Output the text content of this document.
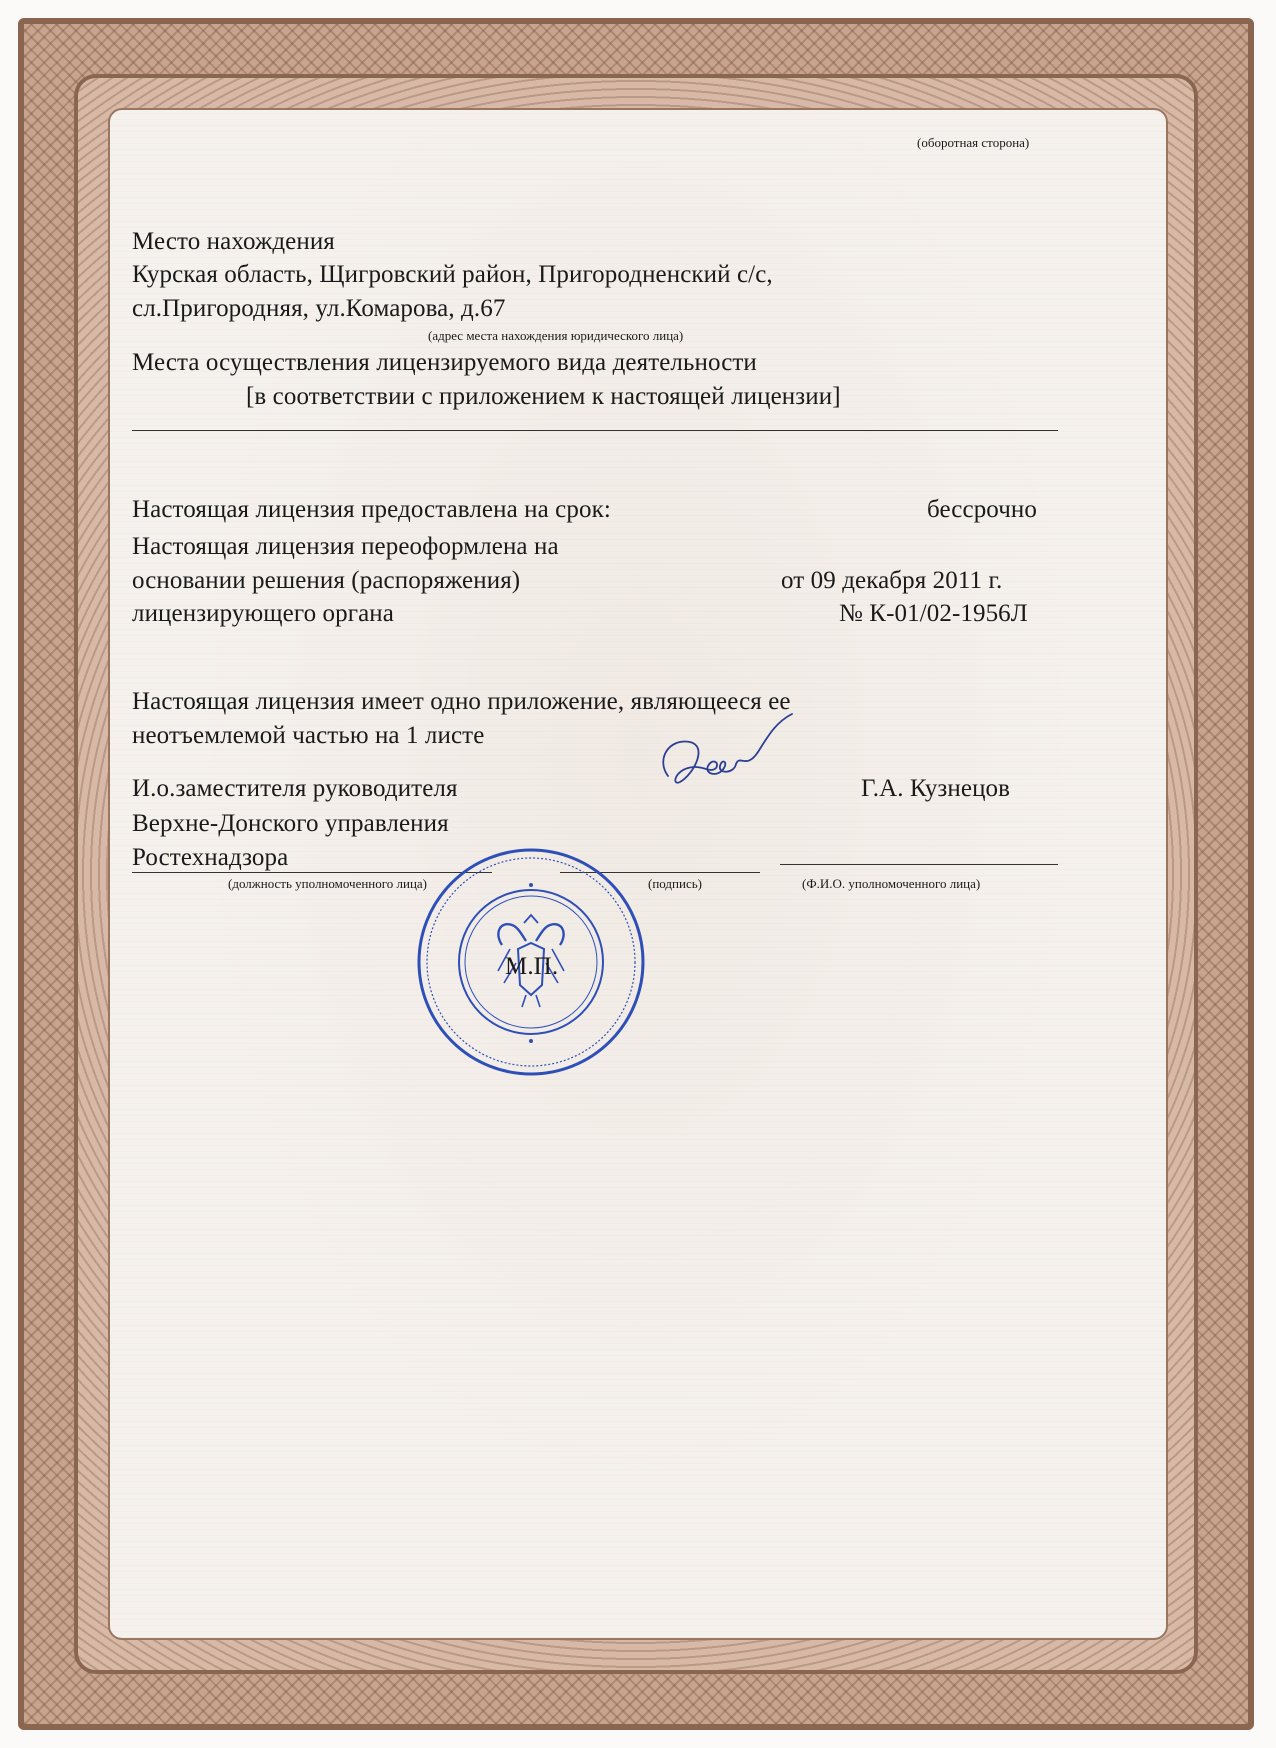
(оборотная сторона)
Место нахождения
Курская область, Щигровский район, Пригородненский с/с,
сл.Пригородняя, ул.Комарова, д.67
(адрес места нахождения юридического лица)
Места осуществления лицензируемого вида деятельности
[в соответствии с приложением к настоящей лицензии]
Настоящая лицензия предоставлена на срок:	бессрочно
Настоящая лицензия переоформлена на
основании решения (распоряжения)	от 09 декабря 2011 г.
лицензирующего органа	№ К-01/02-1956Л
Настоящая лицензия имеет одно приложение, являющееся ее
неотъемлемой частью на 1 листе
И.о.заместителя руководителя	Г.А. Кузнецов
Верхне-Донского управления
Ростехнадзора
(должность уполномоченного лица)	(подпись)	(Ф.И.О. уполномоченного лица)
М.П.
